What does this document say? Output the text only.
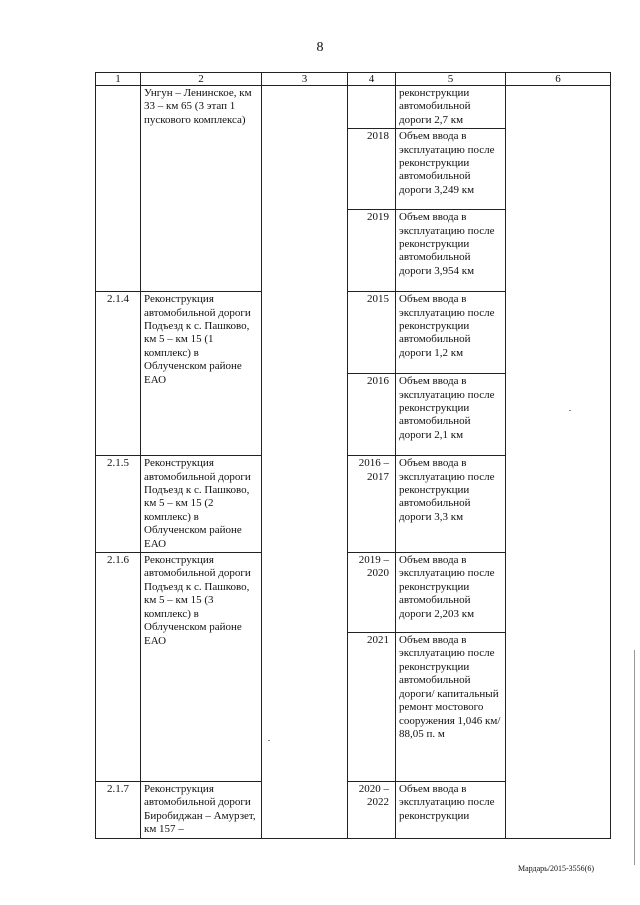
8
1	2	3	4	5	6
	Унгун – Ленинское, км 33 – км 65 (3 этап 1 пускового комплекса)			реконструкции автомобильной дороги 2,7 км	
			2018	Объем ввода в эксплуатацию после реконструкции автомобильной дороги 3,249 км	
			2019	Объем ввода в эксплуатацию после реконструкции автомобильной дороги 3,954 км	
2.1.4	Реконструкция автомобильной дороги Подъезд к с. Пашково, км 5 – км 15 (1 комплекс) в Облученском районе ЕАО		2015	Объем ввода в эксплуатацию после реконструкции автомобильной дороги 1,2 км	
			2016	Объем ввода в эксплуатацию после реконструкции автомобильной дороги 2,1 км	
2.1.5	Реконструкция автомобильной дороги Подъезд к с. Пашково, км 5 – км 15 (2 комплекс) в Облученском районе ЕАО		2016 – 2017	Объем ввода в эксплуатацию после реконструкции автомобильной дороги 3,3 км	
2.1.6	Реконструкция автомобильной дороги Подъезд к с. Пашково, км 5 – км 15 (3 комплекс) в Облученском районе ЕАО		2019 – 2020	Объем ввода в эксплуатацию после реконструкции автомобильной дороги 2,203 км	
			2021	Объем ввода в эксплуатацию после реконструкции автомобильной дороги/ капитальный ремонт мостового сооружения 1,046 км/ 88,05 п. м	
2.1.7	Реконструкция автомобильной дороги Биробиджан – Амурзет, км 157 –		2020 – 2022	Объем ввода в эксплуатацию после реконструкции	
Мардарь/2015-3556(6)
